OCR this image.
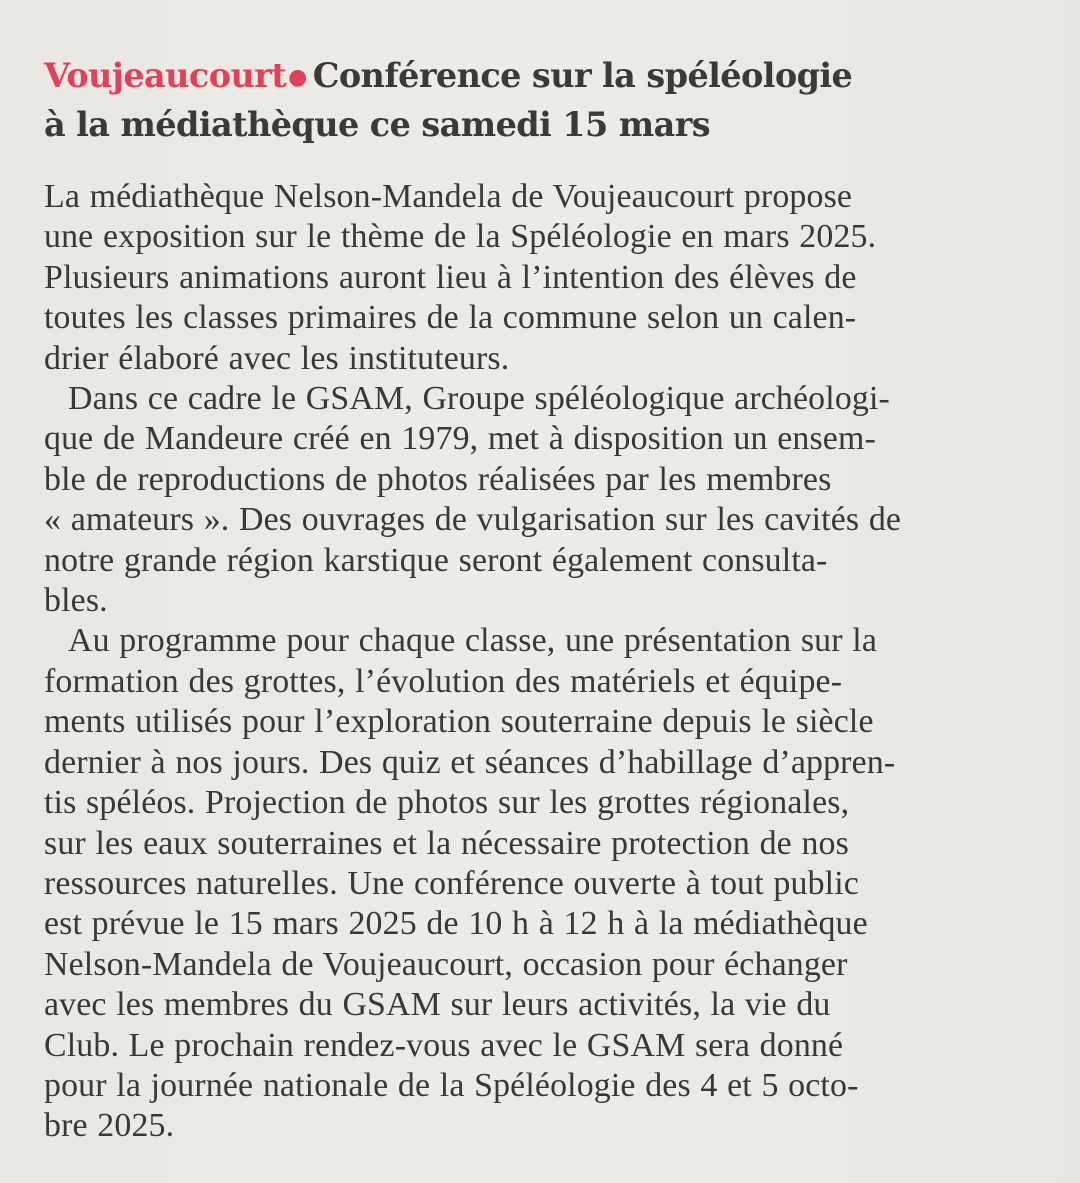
Voujeaucourt● Conférence sur la spéléologie
à la médiathèque ce samedi 15 mars

La médiathèque Nelson-Mandela de Voujeaucourt propose
une exposition sur le thème de la Spéléologie en mars 2025.
Plusieurs animations auront lieu à l’intention des élèves de
toutes les classes primaires de la commune selon un calen-
drier élaboré avec les instituteurs.

Dans ce cadre le GSAM, Groupe spéléologique archéologi-
que de Mandeure créé en 1979, met à disposition un ensem-
ble de reproductions de photos réalisées par les membres
« amateurs ». Des ouvrages de vulgarisation sur les cavités de
notre grande région karstique seront également consulta-
bles.

Au programme pour chaque classe, une présentation sur la
formation des grottes, l’évolution des matériels et équipe-
ments utilisés pour l’exploration souterraine depuis le siècle
dernier à nos jours. Des quiz et séances d’habillage d’appren-
tis spéléos. Projection de photos sur les grottes régionales,
sur les eaux souterraines et la nécessaire protection de nos
ressources naturelles. Une conférence ouverte à tout public
est prévue le 15 mars 2025 de 10 h à 12 h à la médiathèque
Nelson-Mandela de Voujeaucourt, occasion pour échanger
avec les membres du GSAM sur leurs activités, la vie du
Club. Le prochain rendez-vous avec le GSAM sera donné
pour la journée nationale de la Spéléologie des 4 et 5 octo-
bre 2025.
